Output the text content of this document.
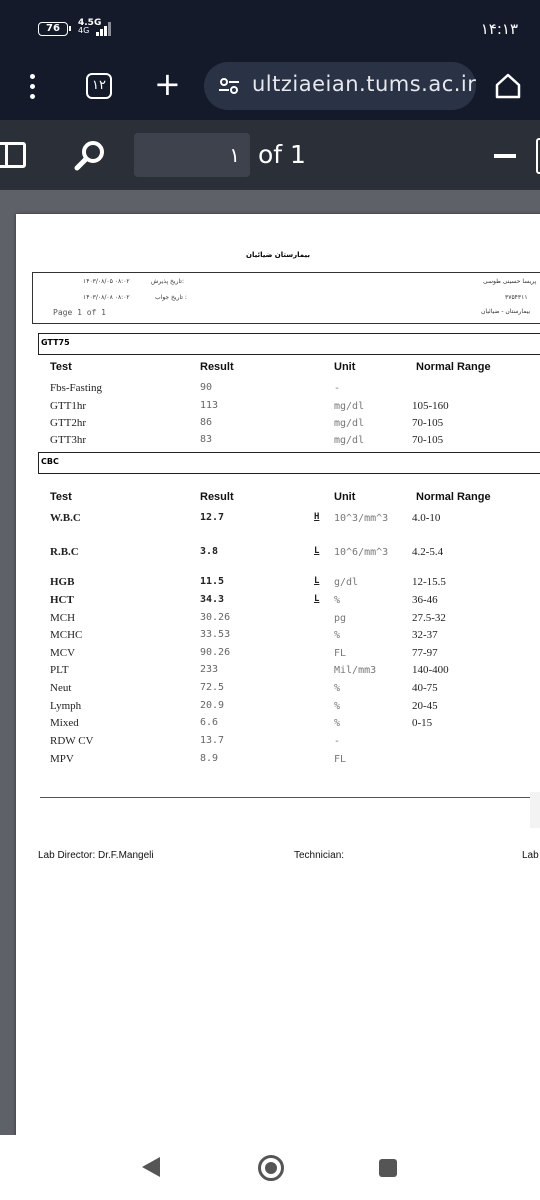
76	4.5G
4G	۱۴:۱۳
۱۲ +	ultziaeian.tums.ac.ir
۱ of 1
بیمارستان ضیائیان
تاریخ پذیرش:
۱۴۰۳/۰۸/۰۵ ۰۸:۰۲
تاریخ جواب :
۱۴۰۳/۰۸/۰۸ ۰۸:۰۲
Page 1 of 1
پریسا حسینی طوسی
۳۷۵۴۳۱۱
بیمارستان - ضیائیان
GTT75
Test	Result	Unit	Normal Range
Fbs-Fasting	90	-
GTT1hr	113	mg/dl	105-160
GTT2hr	86	mg/dl	70-105
GTT3hr	83	mg/dl	70-105
CBC
Test	Result	Unit	Normal Range
W.B.C	12.7	H 10^3/mm^3	4.0-10
R.B.C	3.8	L 10^6/mm^3	4.2-5.4
HGB	11.5	L g/dl	12-15.5
HCT	34.3	L %	36-46
MCH	30.26	pg	27.5-32
MCHC	33.53	%	32-37
MCV	90.26	FL	77-97
PLT	233	Mil/mm3	140-400
Neut	72.5	%	40-75
Lymph	20.9	%	20-45
Mixed	6.6	%	0-15
RDW CV	13.7	-
MPV	8.9	FL
Lab Director: Dr.F.Mangeli	Technician:	Lab
